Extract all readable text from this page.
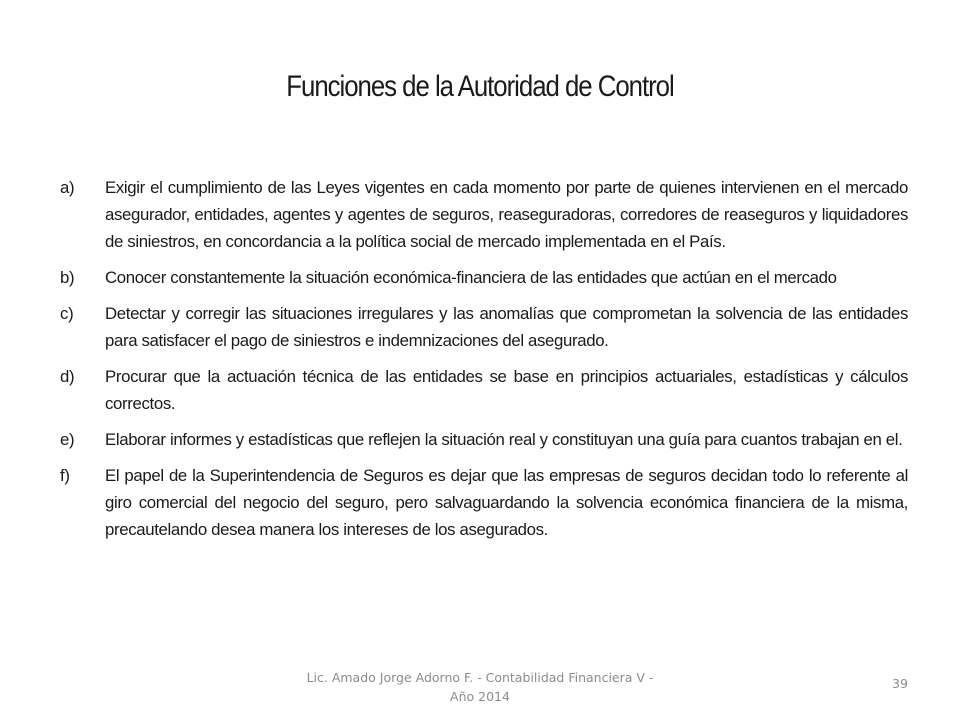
Funciones de la Autoridad de Control
a)	Exigir el cumplimiento de las Leyes vigentes en cada momento por parte de quienes intervienen en el mercado asegurador, entidades, agentes y agentes de seguros, reaseguradoras, corredores de reaseguros y liquidadores de siniestros, en concordancia a la política social de mercado implementada en el País.
b)	Conocer constantemente la situación económica-financiera de las entidades que actúan en el mercado
c)	Detectar y corregir las situaciones irregulares y las anomalías que comprometan la solvencia de las entidades para satisfacer el pago de siniestros e indemnizaciones del asegurado.
d)	Procurar que la actuación técnica de las entidades se base en principios actuariales, estadísticas y cálculos correctos.
e)	Elaborar informes y estadísticas que reflejen la situación real y constituyan una guía para cuantos trabajan en el.
f)	El papel de la Superintendencia de Seguros es dejar que las empresas de seguros decidan todo lo referente al giro comercial del negocio del seguro, pero salvaguardando la solvencia económica financiera de la misma, precautelando desea manera los intereses de los asegurados.
Lic. Amado Jorge Adorno F. - Contabilidad Financiera V - Año 2014
39
